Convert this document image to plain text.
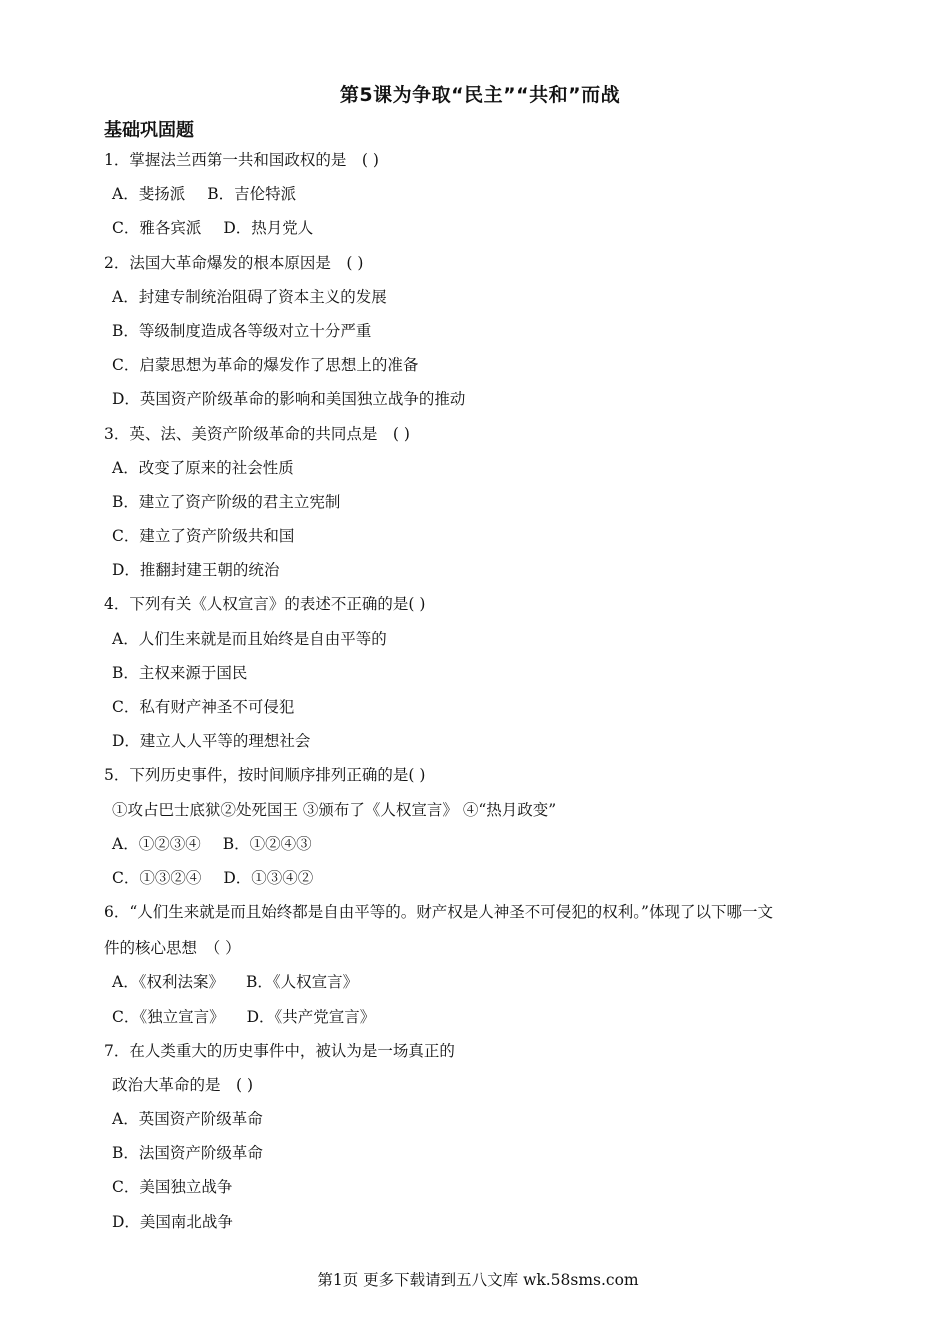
第5课为争取“民主”“共和”而战
基础巩固题
1．掌握法兰西第一共和国政权的是　( )
A．斐扬派 B．吉伦特派
C．雅各宾派 D．热月党人
2．法国大革命爆发的根本原因是　( )
A．封建专制统治阻碍了资本主义的发展
B．等级制度造成各等级对立十分严重
C．启蒙思想为革命的爆发作了思想上的准备
D．英国资产阶级革命的影响和美国独立战争的推动
3．英、法、美资产阶级革命的共同点是　( )
A．改变了原来的社会性质
B．建立了资产阶级的君主立宪制
C．建立了资产阶级共和国
D．推翻封建王朝的统治
4．下列有关《人权宣言》的表述不正确的是( )
A．人们生来就是而且始终是自由平等的
B．主权来源于国民
C．私有财产神圣不可侵犯
D．建立人人平等的理想社会
5．下列历史事件，按时间顺序排列正确的是( )
①攻占巴士底狱②处死国王 ③颁布了《人权宣言》 ④“热月政变”
A．①②③④ B．①②④③
C．①③②④ D．①③④②
6．“人们生来就是而且始终都是自由平等的。财产权是人神圣不可侵犯的权利。”体现了以下哪一文
件的核心思想　（ ）
A．《权利法案》 B．《人权宣言》
C．《独立宣言》 D．《共产党宣言》
7．在人类重大的历史事件中，被认为是一场真正的
政治大革命的是　( )
A．英国资产阶级革命
B．法国资产阶级革命
C．美国独立战争
D．美国南北战争
第1页 更多下载请到五八文库 wk.58sms.com
